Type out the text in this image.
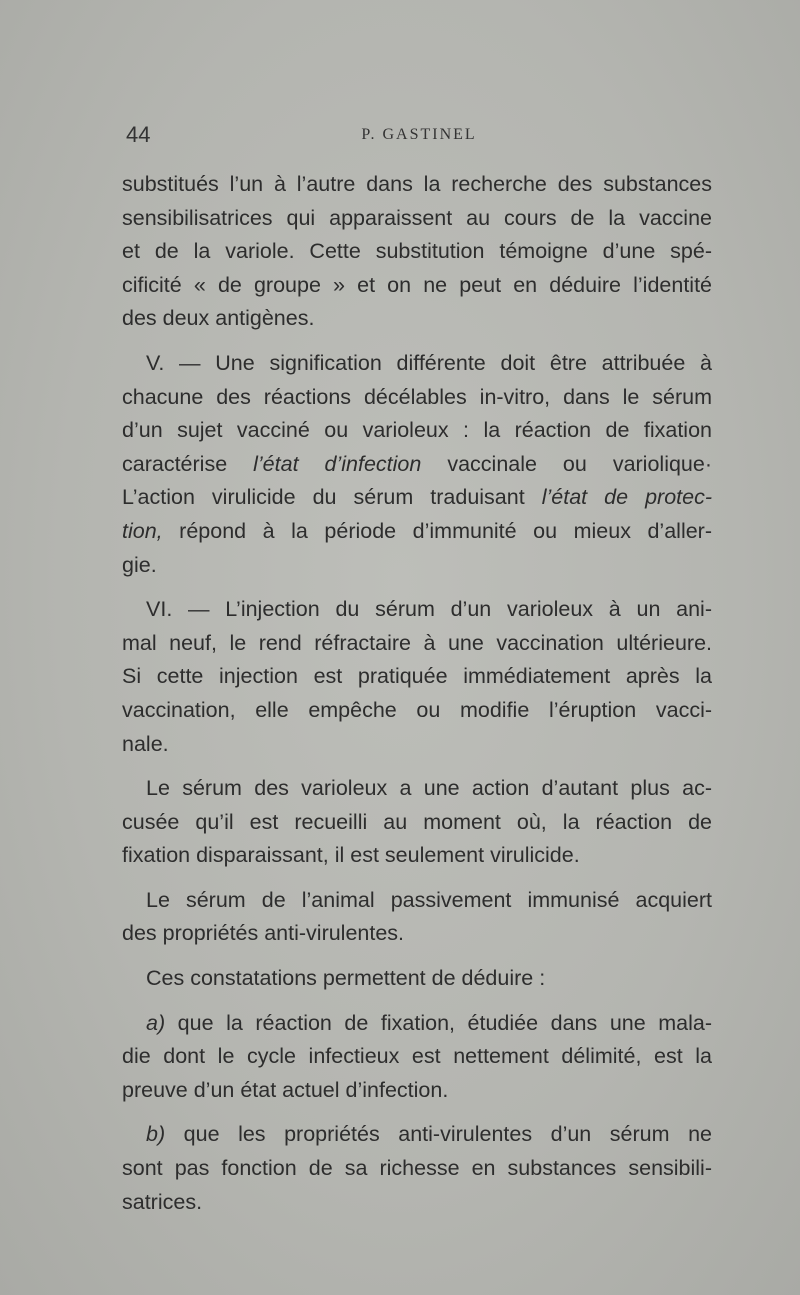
44	P. GASTINEL
substitués l’un à l’autre dans la recherche des substances
sensibilisatrices qui apparaissent au cours de la vaccine
et de la variole. Cette substitution témoigne d’une spé-
cificité « de groupe » et on ne peut en déduire l’identité
des deux antigènes.
V. — Une signification différente doit être attribuée à
chacune des réactions décélables in-vitro, dans le sérum
d’un sujet vacciné ou varioleux : la réaction de fixation
caractérise l’état d’infection vaccinale ou variolique·
L’action virulicide du sérum traduisant l’état de protec-
tion, répond à la période d’immunité ou mieux d’aller-
gie.
VI. — L’injection du sérum d’un varioleux à un ani-
mal neuf, le rend réfractaire à une vaccination ultérieure.
Si cette injection est pratiquée immédiatement après la
vaccination, elle empêche ou modifie l’éruption vacci-
nale.
Le sérum des varioleux a une action d’autant plus ac-
cusée qu’il est recueilli au moment où, la réaction de
fixation disparaissant, il est seulement virulicide.
Le sérum de l’animal passivement immunisé acquiert
des propriétés anti-virulentes.
Ces constatations permettent de déduire :
a) que la réaction de fixation, étudiée dans une mala-
die dont le cycle infectieux est nettement délimité, est la
preuve d’un état actuel d’infection.
b) que les propriétés anti-virulentes d’un sérum ne
sont pas fonction de sa richesse en substances sensibili-
satrices.
